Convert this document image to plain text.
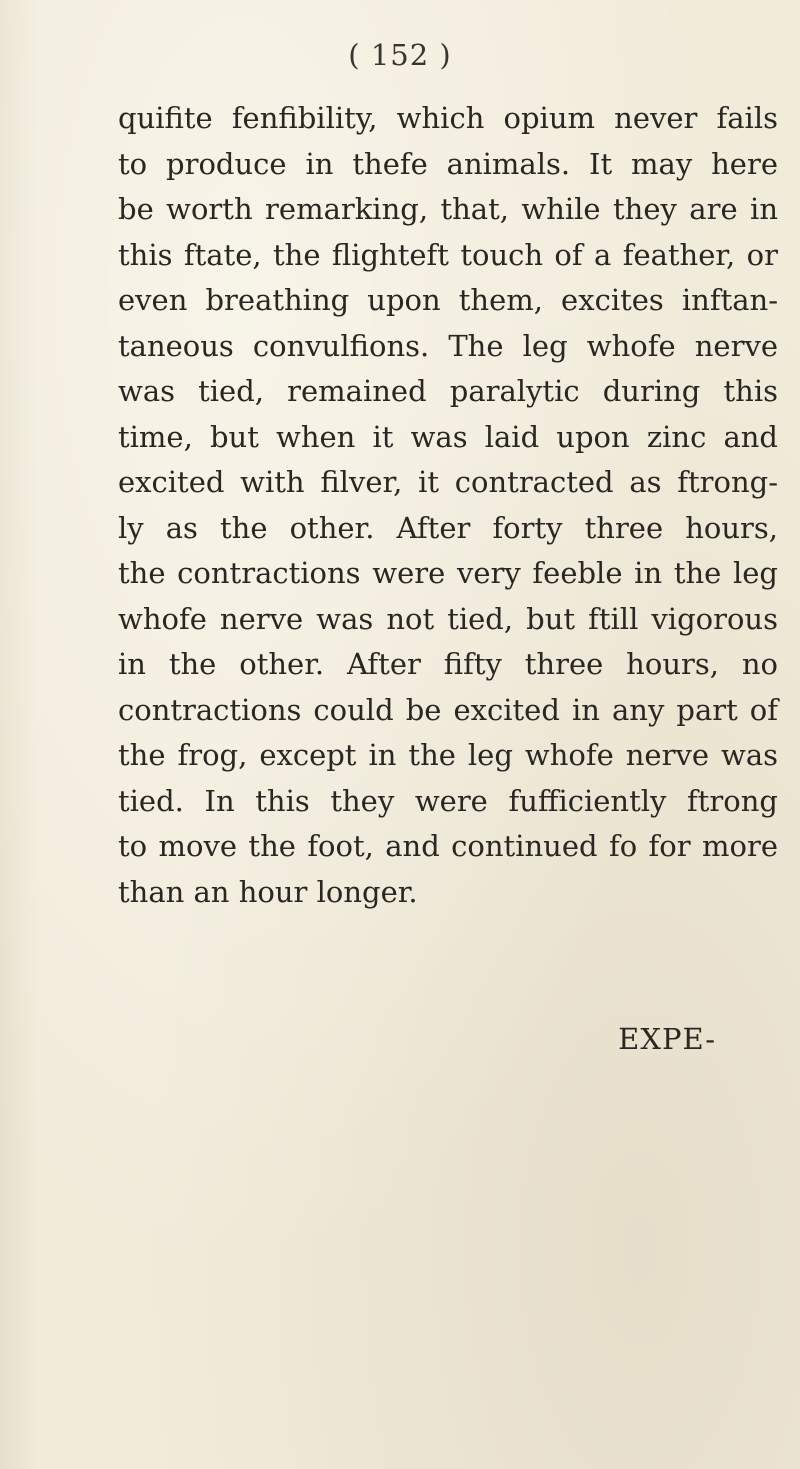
( 152 )
quifite fenfibility, which opium never fails
to produce in thefe animals. It may here
be worth remarking, that, while they are in
this ftate, the flighteft touch of a feather, or
even breathing upon them, excites inftan-
taneous convulfions. The leg whofe nerve
was tied, remained paralytic during this
time, but when it was laid upon zinc and
excited with filver, it contracted as ftrong-
ly as the other. After forty three hours,
the contractions were very feeble in the leg
whofe nerve was not tied, but ftill vigorous
in the other. After fifty three hours, no
contractions could be excited in any part of
the frog, except in the leg whofe nerve was
tied. In this they were fufficiently ftrong
to move the foot, and continued fo for more
than an hour longer.
EXPE-
